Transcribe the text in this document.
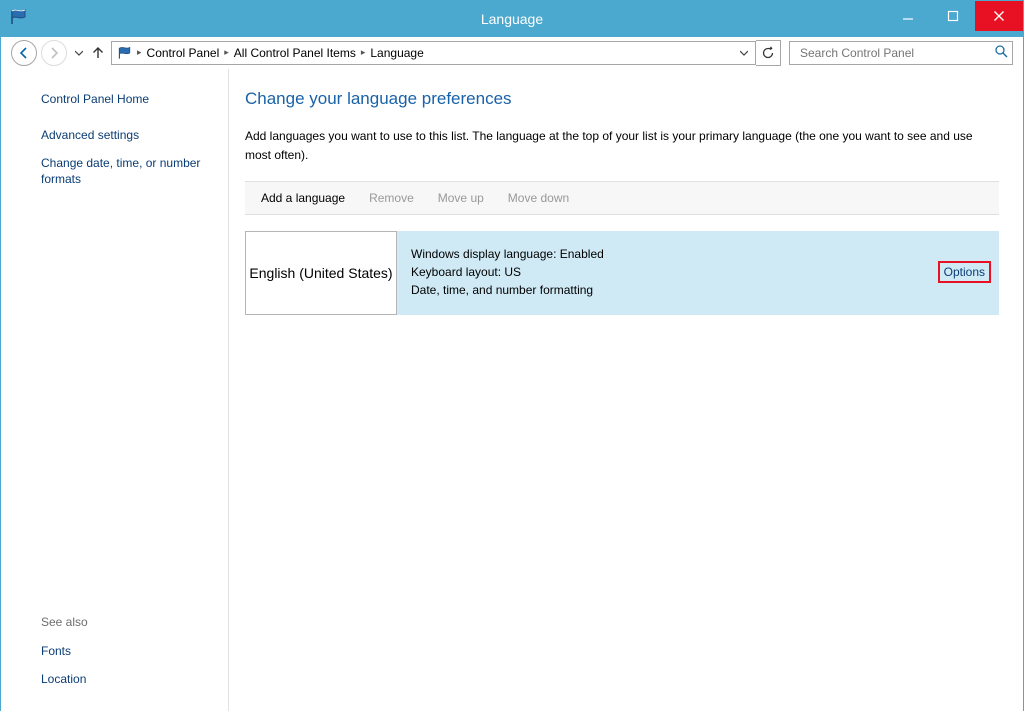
Language
▸ Control Panel ▸ All Control Panel Items ▸ Language
Search Control Panel
Control Panel Home
Advanced settings
Change date, time, or number formats
See also
Fonts
Location
Change your language preferences

Add languages you want to use to this list. The language at the top of your list is your primary language (the one you want to see and use most often).

Add a language	Remove	Move up	Move down
English (United States)
Windows display language: Enabled
Keyboard layout: US
Date, time, and number formatting
Options
